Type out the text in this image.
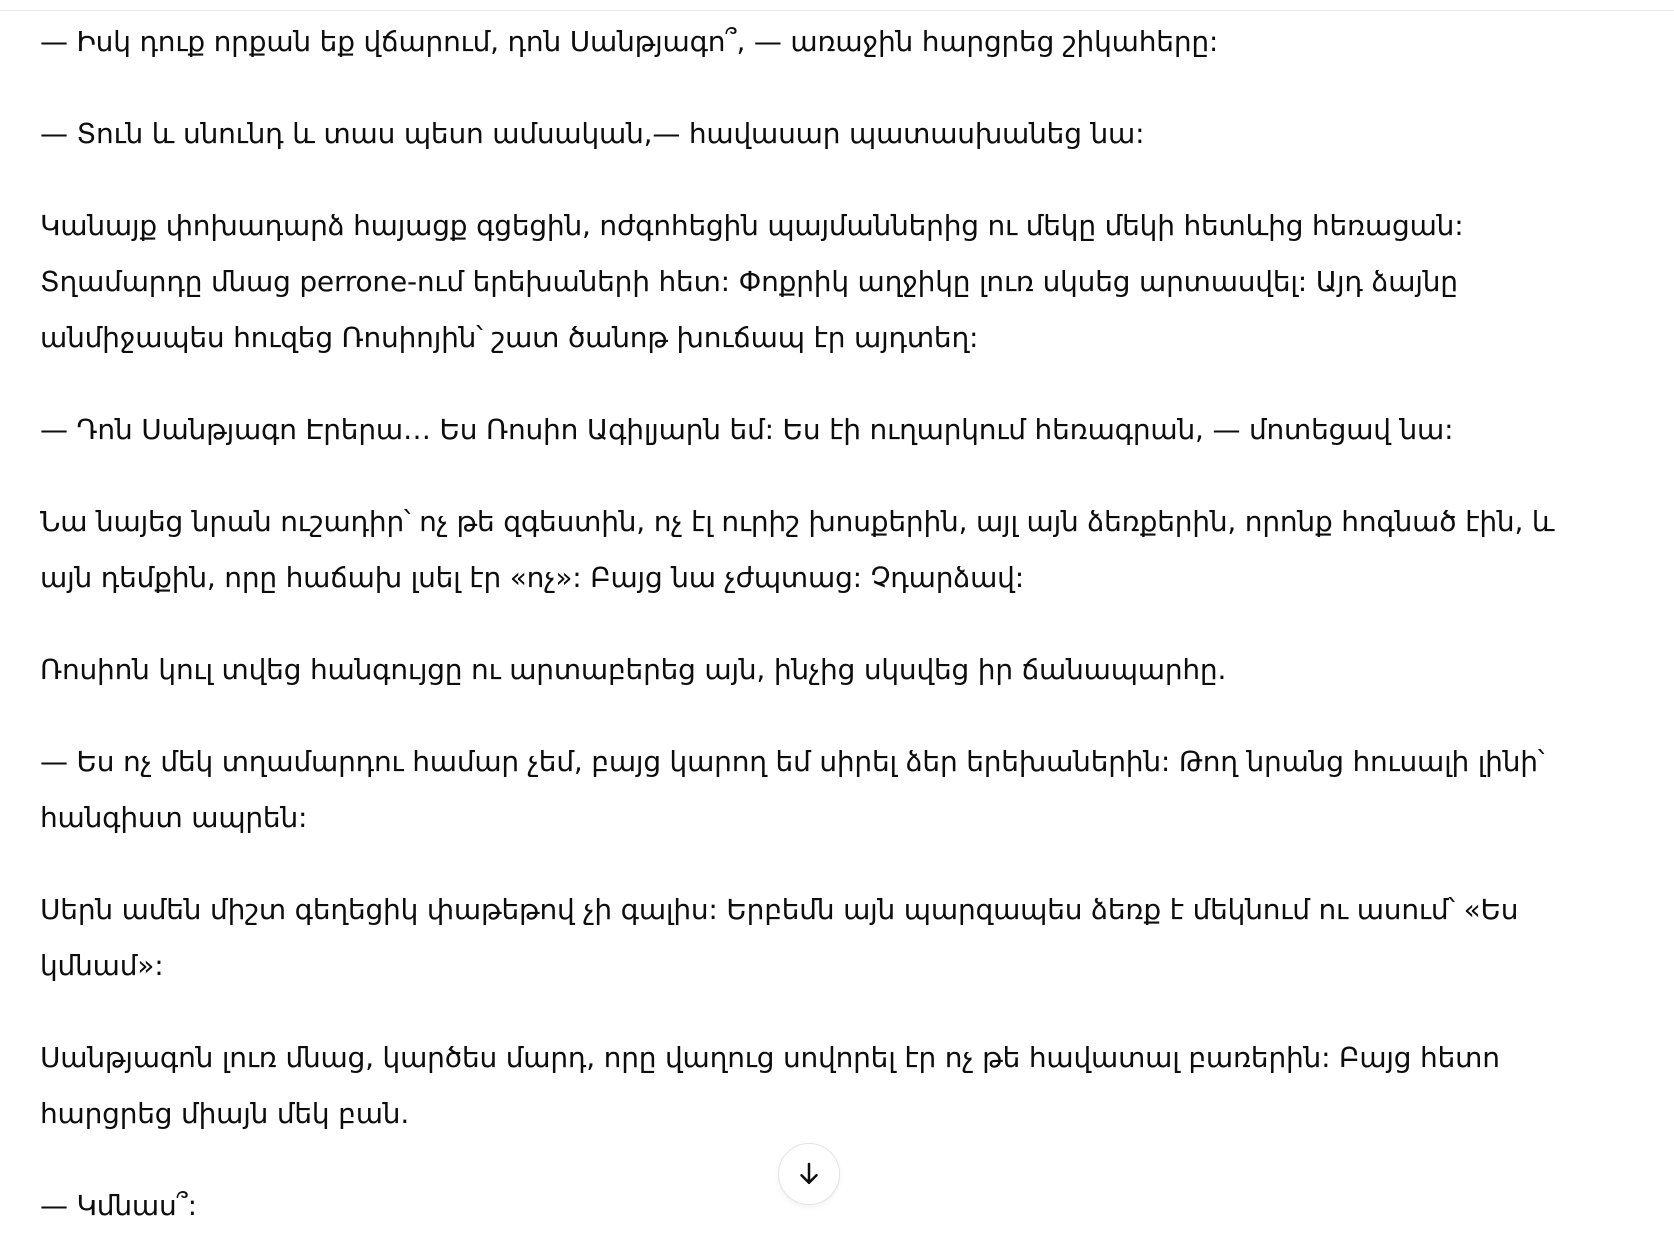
— Իսկ դուք որքան եք վճարում, դոն Սանթյագո՞, — առաջին հարցրեց շիկահերը:

— Տուն և սնունդ և տաս պեսո ամսական,— հավասար պատասխանեց նա:

Կանայք փոխադարձ հայացք գցեցին, ոժգոհեցին պայմաններից ու մեկը մեկի հետևից հեռացան: Տղամարդը մնաց perrone-ում երեխաների հետ: Փոքրիկ աղջիկը լուռ սկսեց արտասվել: Այդ ձայնը անմիջապես հուզեց Ռոսիոյին՝ շատ ծանոթ խուճապ էր այդտեղ:

— Դոն Սանթյագո Էրերա… Ես Ռոսիո Ագիլյարն եմ: Ես էի ուղարկում հեռագրան, — մոտեցավ նա:

Նա նայեց նրան ուշադիր՝ ոչ թե զգեստին, ոչ էլ ուրիշ խոսքերին, այլ այն ձեռքերին, որոնք հոգնած էին, և այն դեմքին, որը հաճախ լսել էր «ոչ»: Բայց նա չժպտաց: Չդարձավ:

Ռոսիոն կուլ տվեց հանգույցը ու արտաբերեց այն, ինչից սկսվեց իր ճանապարհը.

— Ես ոչ մեկ տղամարդու համար չեմ, բայց կարող եմ սիրել ձեր երեխաներին: Թող նրանց հուսալի լինի՝ հանգիստ ապրեն:

Սերն ամեն միշտ գեղեցիկ փաթեթով չի գալիս: Երբեմն այն պարզապես ձեռք է մեկնում ու ասում՝ «Ես կմնամ»:

Սանթյագոն լուռ մնաց, կարծես մարդ, որը վաղուց սովորել էր ոչ թե հավատալ բառերին: Բայց հետո հարցրեց միայն մեկ բան.

— Կմնաս՞:
